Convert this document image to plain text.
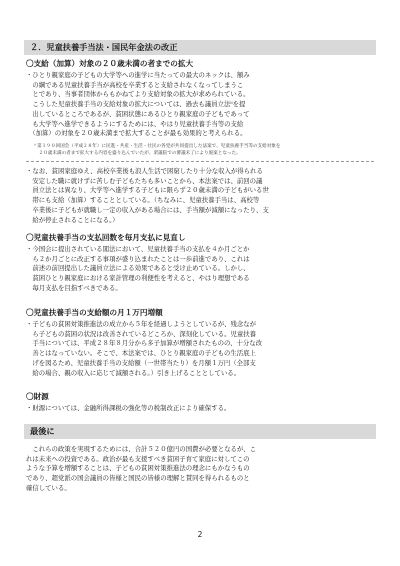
２．児童扶養手当法・国民年金法の改正
〇支給（加算）対象の２０歳未満の者までの拡大

・ひとり親家庭の子どもの大学等への進学に当たっての最大のネックは、額み

　の綱である児童扶養手当が高校を卒業すると支給されなくなってしまうこ

　とであり、当事者団体からもかねてより支給対象の拡大が求められている。

　こうした児童扶養手当の支給対象の拡大については、過去も議員立法ⁱⁱを提

　出しているところであるが、貧困状態にあるひとり親家庭の子どもであって

　も大学等へ進学できるようにするためには、やはり児童扶養手当等の支給

　（加算）の対象を２０歳未満まで拡大することが最も効果的と考えられる。

ⁱⁱ 第１９０回国会（平成２８年）に民進・共産・生活・社民の各党が共同提出した法案で、児童扶養手当等の支給対象を

　２０歳未満の者まで拡大する内容を盛り込んでいたが、衆議院での審議未了により廃案となった。

・なお、貧困家庭ゆえ、高校卒業後も浪人生活で困窮したり十分な収入が得られる

　安定した職に就けずに苦しむ子どもたちも多いことから、本法案では、前回の議

　員立法とは異なり、大学等へ進学する子どもに限らず２０歳未満の子どもがいる世

　帯にも支給（加算）することとしている。（ちなみに、児童扶養手当は、高校等

　卒業後に子どもが就職し一定の収入がある場合には、手当額が減額になったり、支

　給が停止されることになる。）

〇児童扶養手当の支払回数を毎月支払に見直し

・今国会に提出されている閣法において、児童扶養手当の支払を４か月ごとか

　ら２か月ごとに改正する事項が盛り込まれたことは一歩前進であり、これは

　前述の前回提出した議員立法による効果であると受け止めている。しかし、

　貧困ひとり親家庭における家計管理の利便性を考えると、やはり理想である

　毎月支払を目指すべきである。

〇児童扶養手当の支給額の月１万円増額

・子どもの貧困対策推進法の成立から５年を経過しようとしているが、残念なが

　ら子どもの貧困の状況は改善されているどころか、深刻化している。児童扶養

　手当については、平成２８年８月分から多子加算が増額されたものの、十分な改

　善とはなっていない。そこで、本法案では、ひとり親家庭の子どもの生活底上

　げを図るため、児童扶養手当の支給額（一世帯当たり）を月額１万円（全部支

　給の場合、親の収入に応じて減額される。）引き上げることとしている。

〇財源

・財源については、金融所得課税の強化等の税制改正により確保する。

最後に

　これらの政策を実現するためには、合計５２０億円の国費が必要となるが、こ

れは未来への投資である。政治が最も支援すべき貧困子育て家庭に対してこの

ような予算を増額することは、子どもの貧困対策推進法の理念にもかなうもの

であり、超党派の国会議員の皆様と国民の皆様の理解と賛同を得られるものと

確信している。

2
